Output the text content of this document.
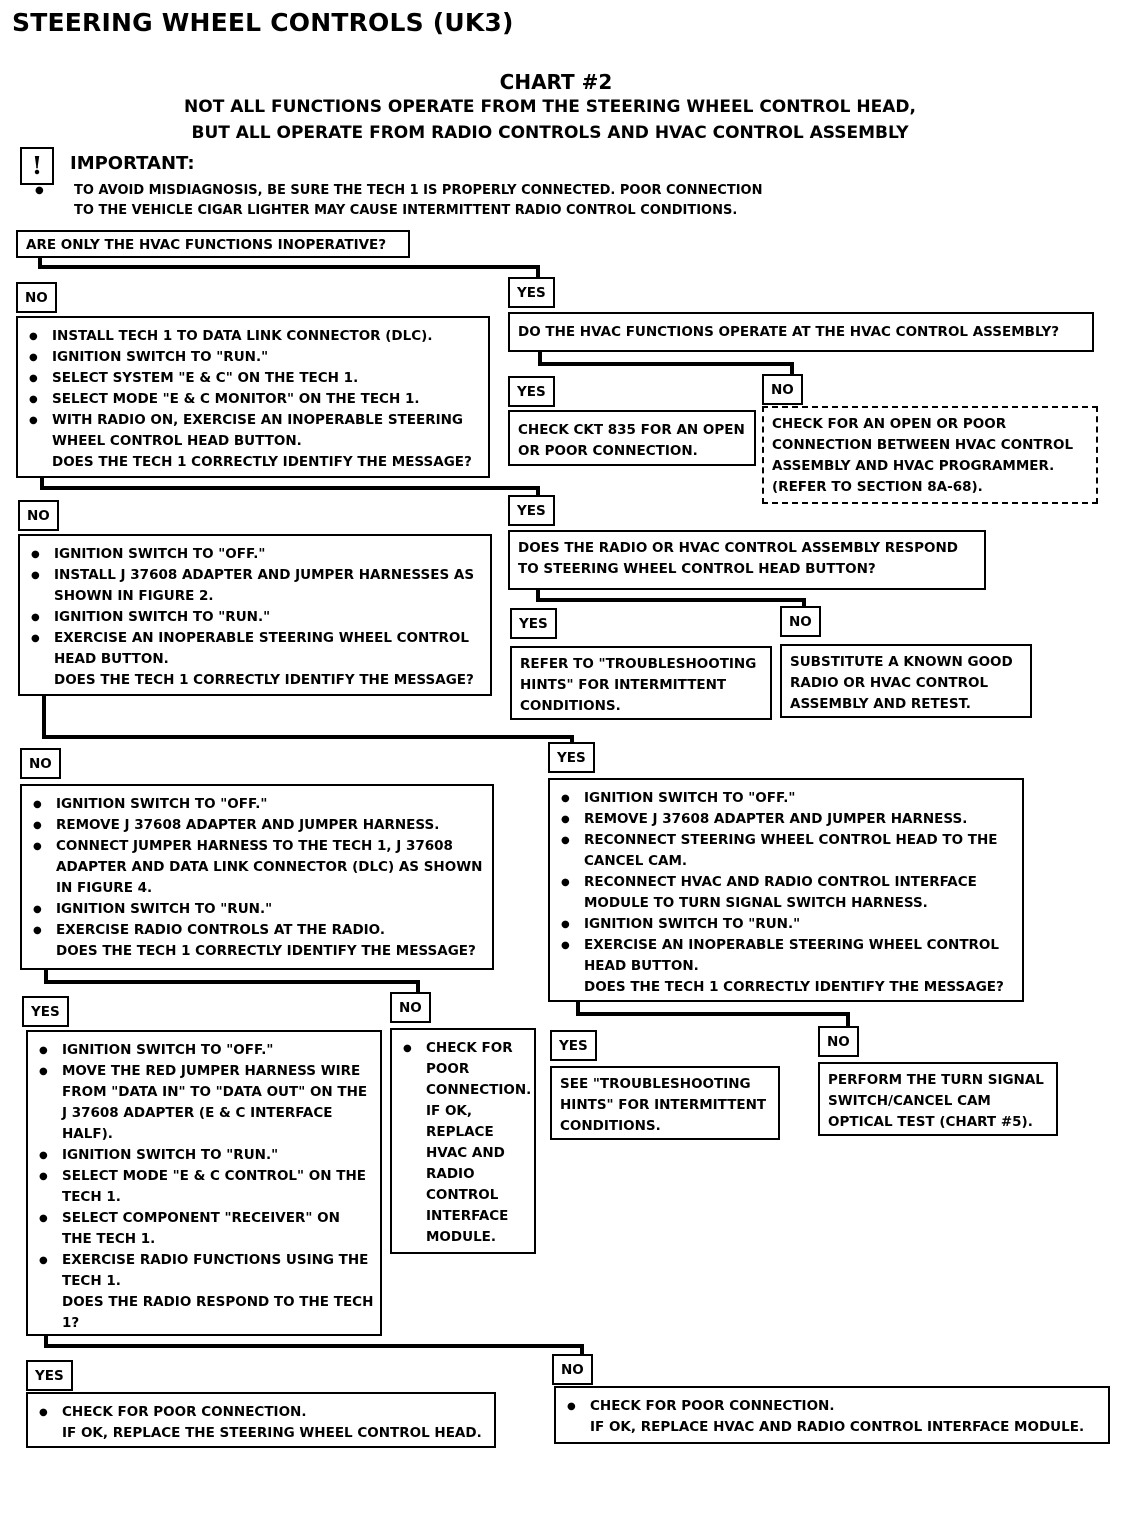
STEERING WHEEL CONTROLS (UK3)
CHART #2
NOT ALL FUNCTIONS OPERATE FROM THE STEERING WHEEL CONTROL HEAD,
BUT ALL OPERATE FROM RADIO CONTROLS AND HVAC CONTROL ASSEMBLY
!	IMPORTANT:
● TO AVOID MISDIAGNOSIS, BE SURE THE TECH 1 IS PROPERLY CONNECTED. POOR CONNECTION
TO THE VEHICLE CIGAR LIGHTER MAY CAUSE INTERMITTENT RADIO CONTROL CONDITIONS.
ARE ONLY THE HVAC FUNCTIONS INOPERATIVE?
NO	YES
● INSTALL TECH 1 TO DATA LINK CONNECTOR (DLC).
● IGNITION SWITCH TO "RUN."
● SELECT SYSTEM "E & C" ON THE TECH 1.
● SELECT MODE "E & C MONITOR" ON THE TECH 1.
● WITH RADIO ON, EXERCISE AN INOPERABLE STEERING WHEEL CONTROL HEAD BUTTON.
DOES THE TECH 1 CORRECTLY IDENTIFY THE MESSAGE?
DO THE HVAC FUNCTIONS OPERATE AT THE HVAC CONTROL ASSEMBLY?
YES	NO
CHECK CKT 835 FOR AN OPEN
OR POOR CONNECTION.
CHECK FOR AN OPEN OR POOR
CONNECTION BETWEEN HVAC CONTROL
ASSEMBLY AND HVAC PROGRAMMER.
(REFER TO SECTION 8A-68).
NO	YES
● IGNITION SWITCH TO "OFF."
● INSTALL J 37608 ADAPTER AND JUMPER HARNESSES AS SHOWN IN FIGURE 2.
● IGNITION SWITCH TO "RUN."
● EXERCISE AN INOPERABLE STEERING WHEEL CONTROL HEAD BUTTON.
DOES THE TECH 1 CORRECTLY IDENTIFY THE MESSAGE?
DOES THE RADIO OR HVAC CONTROL ASSEMBLY RESPOND
TO STEERING WHEEL CONTROL HEAD BUTTON?
YES	NO
REFER TO "TROUBLESHOOTING
HINTS" FOR INTERMITTENT
CONDITIONS.
SUBSTITUTE A KNOWN GOOD
RADIO OR HVAC CONTROL
ASSEMBLY AND RETEST.
NO	YES
● IGNITION SWITCH TO "OFF."
● REMOVE J 37608 ADAPTER AND JUMPER HARNESS.
● CONNECT JUMPER HARNESS TO THE TECH 1, J 37608 ADAPTER AND DATA LINK CONNECTOR (DLC) AS SHOWN IN FIGURE 4.
● IGNITION SWITCH TO "RUN."
● EXERCISE RADIO CONTROLS AT THE RADIO.
DOES THE TECH 1 CORRECTLY IDENTIFY THE MESSAGE?
● IGNITION SWITCH TO "OFF."
● REMOVE J 37608 ADAPTER AND JUMPER HARNESS.
● RECONNECT STEERING WHEEL CONTROL HEAD TO THE CANCEL CAM.
● RECONNECT HVAC AND RADIO CONTROL INTERFACE MODULE TO TURN SIGNAL SWITCH HARNESS.
● IGNITION SWITCH TO "RUN."
● EXERCISE AN INOPERABLE STEERING WHEEL CONTROL HEAD BUTTON.
DOES THE TECH 1 CORRECTLY IDENTIFY THE MESSAGE?
YES	NO
● IGNITION SWITCH TO "OFF."
● MOVE THE RED JUMPER HARNESS WIRE FROM "DATA IN" TO "DATA OUT" ON THE J 37608 ADAPTER (E & C INTERFACE HALF).
● IGNITION SWITCH TO "RUN."
● SELECT MODE "E & C CONTROL" ON THE TECH 1.
● SELECT COMPONENT "RECEIVER" ON THE TECH 1.
● EXERCISE RADIO FUNCTIONS USING THE TECH 1.
DOES THE RADIO RESPOND TO THE TECH 1?
● CHECK FOR POOR CONNECTION. IF OK, REPLACE HVAC AND RADIO CONTROL INTERFACE MODULE.
YES	NO
SEE "TROUBLESHOOTING
HINTS" FOR INTERMITTENT
CONDITIONS.
PERFORM THE TURN SIGNAL
SWITCH/CANCEL CAM
OPTICAL TEST (CHART #5).
YES	NO
● CHECK FOR POOR CONNECTION.
IF OK, REPLACE THE STEERING WHEEL CONTROL HEAD.
● CHECK FOR POOR CONNECTION.
IF OK, REPLACE HVAC AND RADIO CONTROL INTERFACE MODULE.
